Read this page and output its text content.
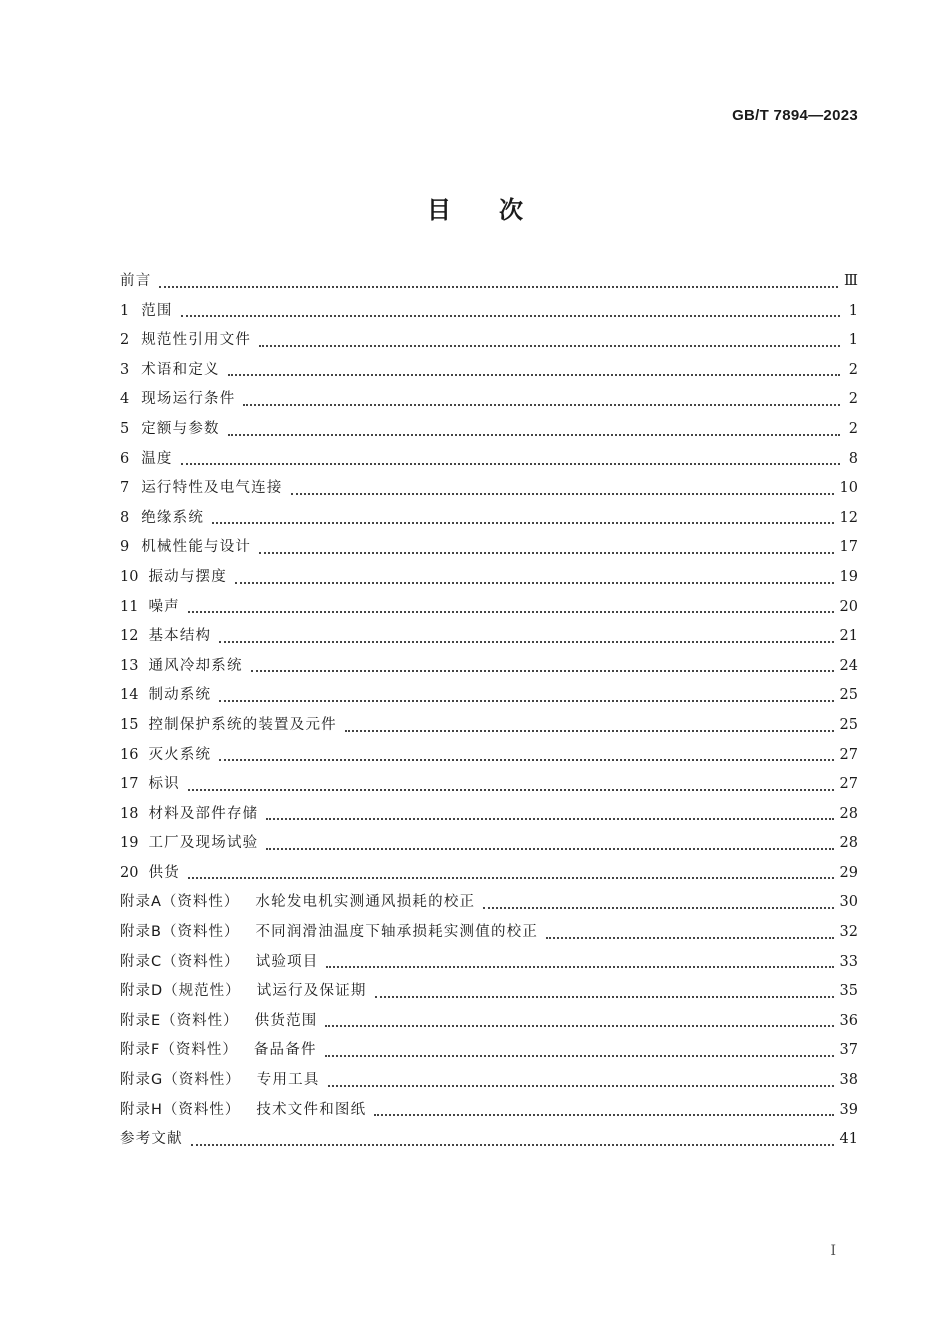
GB/T 7894—2023
目次
前言	Ⅲ
1 范围	1
2 规范性引用文件	1
3 术语和定义	2
4 现场运行条件	2
5 定额与参数	2
6 温度	8
7 运行特性及电气连接	10
8 绝缘系统	12
9 机械性能与设计	17
10 振动与摆度	19
11 噪声	20
12 基本结构	21
13 通风冷却系统	24
14 制动系统	25
15 控制保护系统的装置及元件	25
16 灭火系统	27
17 标识	27
18 材料及部件存储	28
19 工厂及现场试验	28
20 供货	29
附录A（资料性） 水轮发电机实测通风损耗的校正	30
附录B（资料性） 不同润滑油温度下轴承损耗实测值的校正	32
附录C（资料性） 试验项目	33
附录D（规范性） 试运行及保证期	35
附录E（资料性） 供货范围	36
附录F（资料性） 备品备件	37
附录G（资料性） 专用工具	38
附录H（资料性） 技术文件和图纸	39
参考文献	41
I
